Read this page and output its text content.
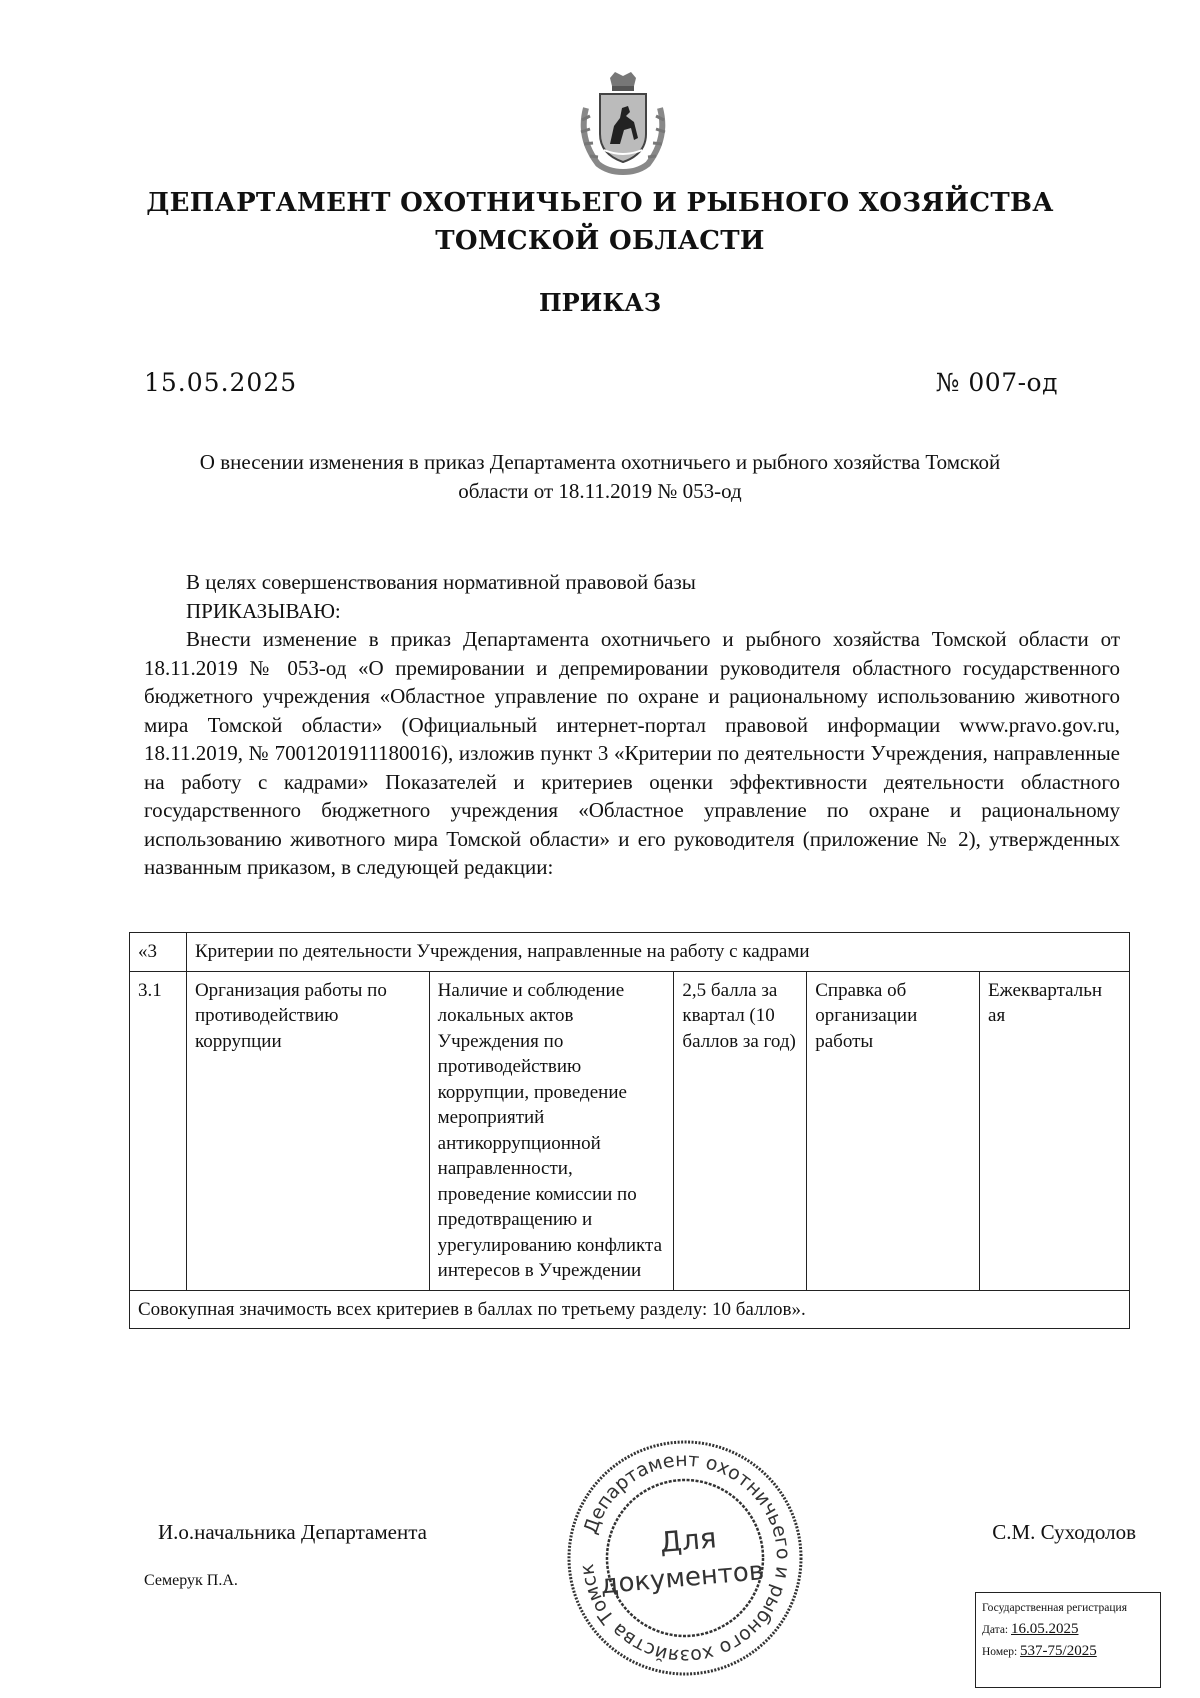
ДЕПАРТАМЕНТ ОХОТНИЧЬЕГО И РЫБНОГО ХОЗЯЙСТВА
ТОМСКОЙ ОБЛАСТИ
ПРИКАЗ
15.05.2025	№ 007-од
О внесении изменения в приказ Департамента охотничьего и рыбного хозяйства Томской
области от 18.11.2019 № 053-од

В целях совершенствования нормативной правовой базы

ПРИКАЗЫВАЮ:

Внести изменение в приказ Департамента охотничьего и рыбного хозяйства Томской области от 18.11.2019 № 053-од «О премировании и депремировании руководителя областного государственного бюджетного учреждения «Областное управление по охране и рациональному использованию животного мира Томской области» (Официальный интернет-портал правовой информации www.pravo.gov.ru, 18.11.2019, № 7001201911180016), изложив пункт 3 «Критерии по деятельности Учреждения, направленные на работу с кадрами» Показателей и критериев оценки эффективности деятельности областного государственного бюджетного учреждения «Областное управление по охране и рациональному использованию животного мира Томской области» и его руководителя (приложение № 2), утвержденных названным приказом, в следующей редакции:

«3	Критерии по деятельности Учреждения, направленные на работу с кадрами				
3.1	Организация работы по противодействию коррупции	Наличие и соблюдение локальных актов Учреждения по противодействию коррупции, проведение мероприятий антикоррупционной направленности, проведение комиссии по предотвращению и урегулированию конфликта интересов в Учреждении	2,5 балла за квартал (10 баллов за год)	Справка об организации работы	Ежеквартальн ая
Совокупная значимость всех критериев в баллах по третьему разделу: 10 баллов».					
И.о.начальника Департамента	С.М. Суходолов
Семерук П.А.
Департамент охотничьего и рыбного хозяйства Томск
Для
документов
Государственная регистрация
Дата: 16.05.2025
Номер: 537-75/2025
